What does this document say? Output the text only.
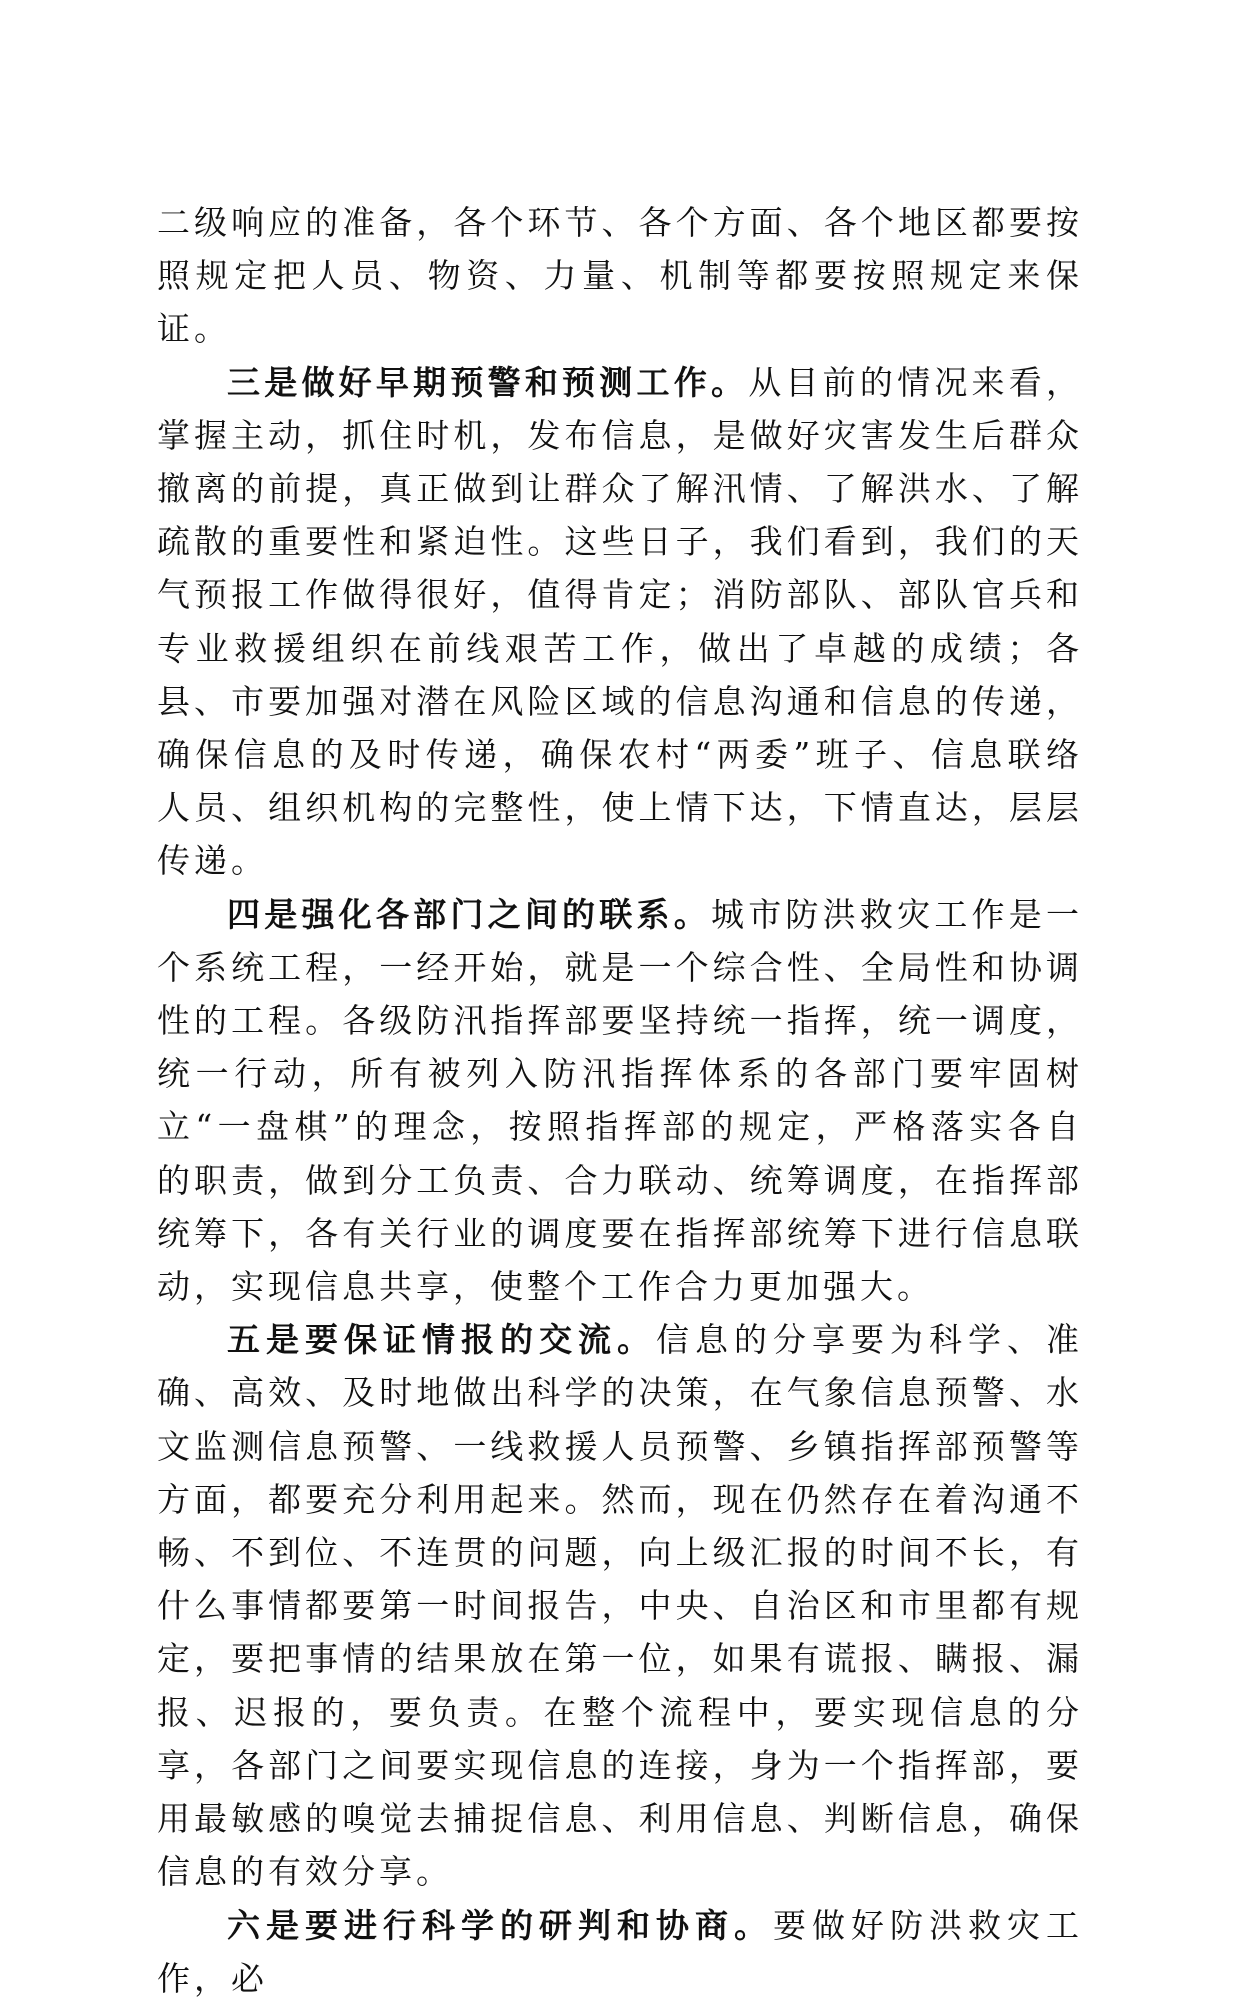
二级响应的准备，各个环节、各个方面、各个地区都要按照规定把人员、物资、力量、机制等都要按照规定来保证。

三是做好早期预警和预测工作。从目前的情况来看，掌握主动，抓住时机，发布信息，是做好灾害发生后群众撤离的前提，真正做到让群众了解汛情、了解洪水、了解疏散的重要性和紧迫性。这些日子，我们看到，我们的天气预报工作做得很好，值得肯定；消防部队、部队官兵和专业救援组织在前线艰苦工作，做出了卓越的成绩；各县、市要加强对潜在风险区域的信息沟通和信息的传递，确保信息的及时传递，确保农村“两委”班子、信息联络人员、组织机构的完整性，使上情下达，下情直达，层层传递。

四是强化各部门之间的联系。城市防洪救灾工作是一个系统工程，一经开始，就是一个综合性、全局性和协调性的工程。各级防汛指挥部要坚持统一指挥，统一调度，统一行动，所有被列入防汛指挥体系的各部门要牢固树立“一盘棋”的理念，按照指挥部的规定，严格落实各自的职责，做到分工负责、合力联动、统筹调度，在指挥部统筹下，各有关行业的调度要在指挥部统筹下进行信息联动，实现信息共享，使整个工作合力更加强大。

五是要保证情报的交流。信息的分享要为科学、准确、高效、及时地做出科学的决策，在气象信息预警、水文监测信息预警、一线救援人员预警、乡镇指挥部预警等方面，都要充分利用起来。然而，现在仍然存在着沟通不畅、不到位、不连贯的问题，向上级汇报的时间不长，有什么事情都要第一时间报告，中央、自治区和市里都有规定，要把事情的结果放在第一位，如果有谎报、瞒报、漏报、迟报的，要负责。在整个流程中，要实现信息的分享，各部门之间要实现信息的连接，身为一个指挥部，要用最敏感的嗅觉去捕捉信息、利用信息、判断信息，确保信息的有效分享。

六是要进行科学的研判和协商。要做好防洪救灾工作，必
